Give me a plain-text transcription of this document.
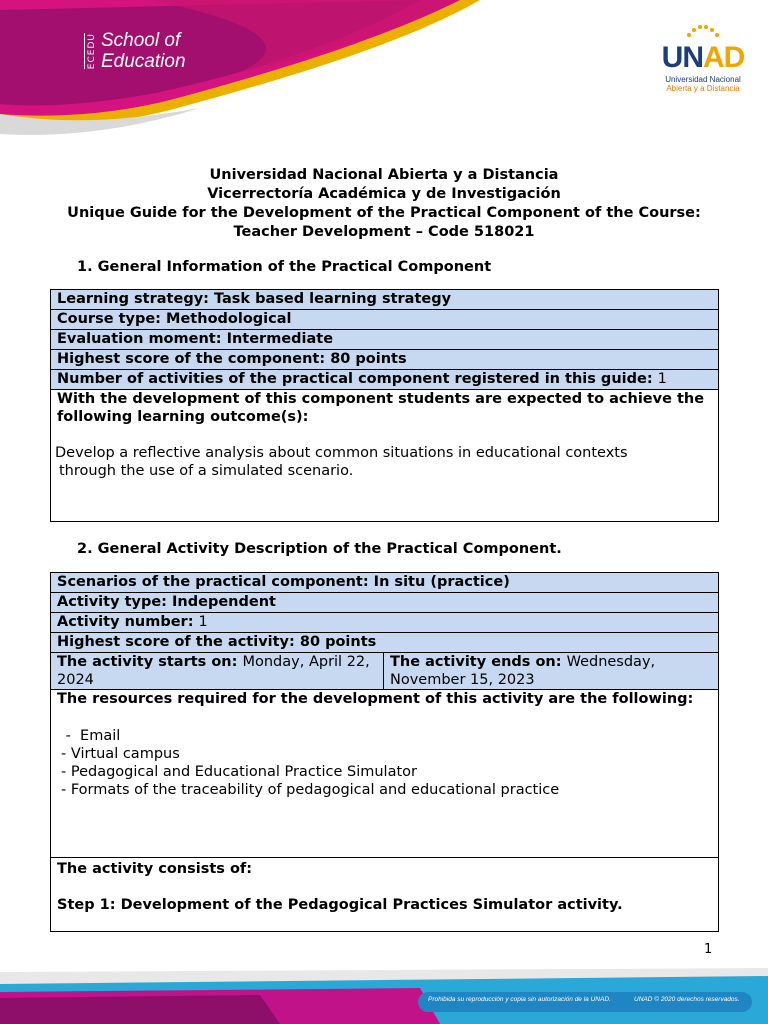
ECEDU School of
Education	UNAD
Universidad Nacional
Abierta y a Distancia
Universidad Nacional Abierta y a Distancia
Vicerrectoría Académica y de Investigación
Unique Guide for the Development of the Practical Component of the Course:
Teacher Development – Code 518021
1. General Information of the Practical Component
Learning strategy: Task based learning strategy
Course type: Methodological
Evaluation moment: Intermediate
Highest score of the component: 80 points
Number of activities of the practical component registered in this guide: 1

With the development of this component students are expected to achieve the following learning outcome(s):
Develop a reflective analysis about common situations in educational contexts
through the use of a simulated scenario.
2. General Activity Description of the Practical Component.
Scenarios of the practical component: In situ (practice)
Activity type: Independent
Activity number: 1
Highest score of the activity: 80 points
The activity starts on: Monday, April 22, 2024	The activity ends on: Wednesday, November 15, 2023

The resources required for the development of this activity are the following:
-  Email
- Virtual campus
- Pedagogical and Educational Practice Simulator
- Formats of the traceability of pedagogical and educational practice

The activity consists of:
Step 1: Development of the Pedagogical Practices Simulator activity.
1
Prohibida su reproducción y copia sin autorización de la UNAD.	UNAD © 2020 derechos reservados.
